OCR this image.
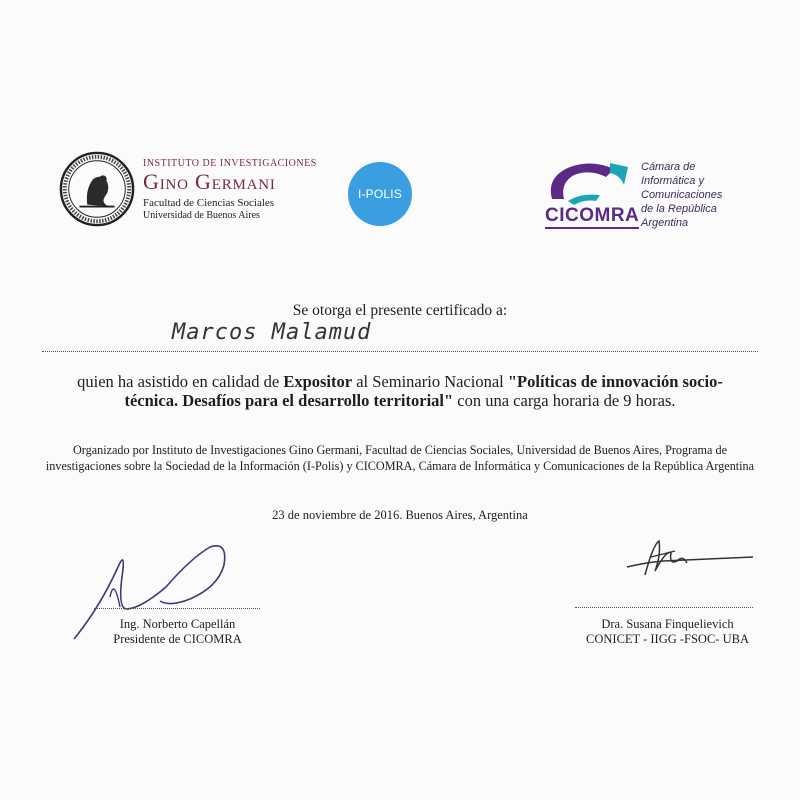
INSTITUTO DE INVESTIGACIONES
Gino Germani
Facultad de Ciencias Sociales
Universidad de Buenos Aires
I-POLIS
CICOMRA
Cámara de
Informática y
Comunicaciones
de la República
Argentina
Se otorga el presente certificado a:
Marcos Malamud
quien ha asistido en calidad de Expositor al Seminario Nacional "Políticas de innovación socio-técnica. Desafíos para el desarrollo territorial" con una carga horaria de 9 horas.
Organizado por Instituto de Investigaciones Gino Germani, Facultad de Ciencias Sociales, Universidad de Buenos Aires, Programa de investigaciones sobre la Sociedad de la Información (I-Polis) y CICOMRA, Cámara de Informática y Comunicaciones de la República Argentina
23 de noviembre de 2016. Buenos Aires, Argentina
Ing. Norberto Capellán
Presidente de CICOMRA
Dra. Susana Finquelievich
CONICET - IIGG -FSOC- UBA
